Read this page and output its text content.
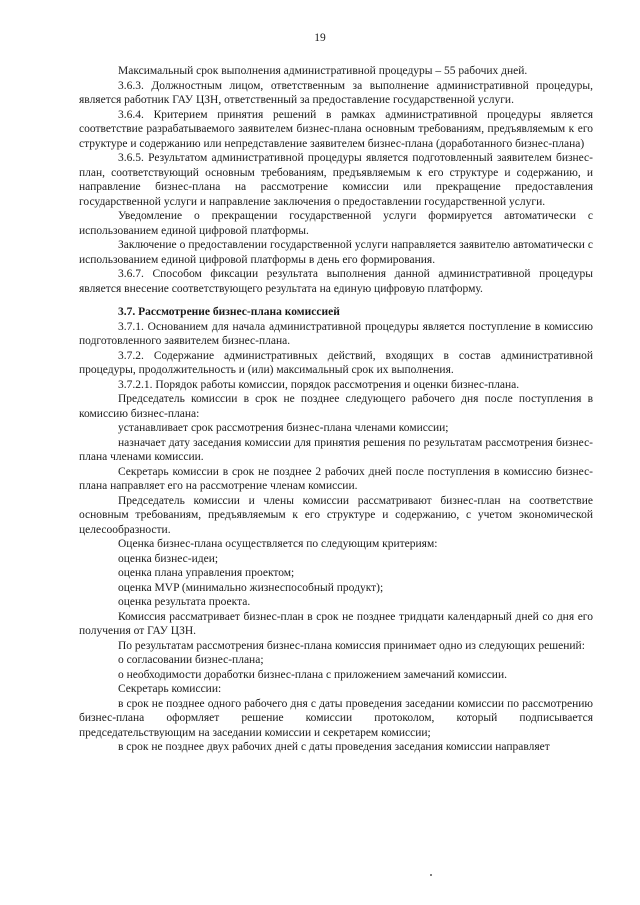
19

Максимальный срок выполнения административной процедуры – 55 рабочих дней.

3.6.3. Должностным лицом, ответственным за выполнение административной процедуры, является работник ГАУ ЦЗН, ответственный за предоставление государственной услуги.

3.6.4. Критерием принятия решений в рамках административной процедуры является соответствие разрабатываемого заявителем бизнес-плана основным требованиям, предъявляемым к его структуре и содержанию или непредставление заявителем бизнес-плана (доработанного бизнес-плана)

3.6.5. Результатом административной процедуры является подготовленный заявителем бизнес-план, соответствующий основным требованиям, предъявляемым к его структуре и содержанию, и направление бизнес-плана на рассмотрение комиссии или прекращение предоставления государственной услуги и направление заключения о предоставлении государственной услуги.

Уведомление о прекращении государственной услуги формируется автоматически с использованием единой цифровой платформы.

Заключение о предоставлении государственной услуги направляется заявителю автоматически с использованием единой цифровой платформы в день его формирования.

3.6.7. Способом фиксации результата выполнения данной административной процедуры является внесение соответствующего результата на единую цифровую платформу.

3.7. Рассмотрение бизнес-плана комиссией

3.7.1. Основанием для начала административной процедуры является поступление в комиссию подготовленного заявителем бизнес-плана.

3.7.2. Содержание административных действий, входящих в состав административной процедуры, продолжительность и (или) максимальный срок их выполнения.

3.7.2.1. Порядок работы комиссии, порядок рассмотрения и оценки бизнес-плана.

Председатель комиссии в срок не позднее следующего рабочего дня после поступления в комиссию бизнес-плана:

устанавливает срок рассмотрения бизнес-плана членами комиссии;

назначает дату заседания комиссии для принятия решения по результатам рассмотрения бизнес-плана членами комиссии.

Секретарь комиссии в срок не позднее 2 рабочих дней после поступления в комиссию бизнес-плана направляет его на рассмотрение членам комиссии.

Председатель комиссии и члены комиссии рассматривают бизнес-план на соответствие основным требованиям, предъявляемым к его структуре и содержанию, с учетом экономической целесообразности.

Оценка бизнес-плана осуществляется по следующим критериям:

оценка бизнес-идеи;

оценка плана управления проектом;

оценка MVP (минимально жизнеспособный продукт);

оценка результата проекта.

Комиссия рассматривает бизнес-план в срок не позднее тридцати календарный дней со дня его получения от ГАУ ЦЗН.

По результатам рассмотрения бизнес-плана комиссия принимает одно из следующих решений:

о согласовании бизнес-плана;

о необходимости доработки бизнес-плана с приложением замечаний комиссии.

Секретарь комиссии:

в срок не позднее одного рабочего дня с даты проведения заседании комиссии по рассмотрению бизнес-плана оформляет решение комиссии протоколом, который подписывается председательствующим на заседании комиссии и секретарем комиссии;

в срок не позднее двух рабочих дней с даты проведения заседания комиссии направляет
